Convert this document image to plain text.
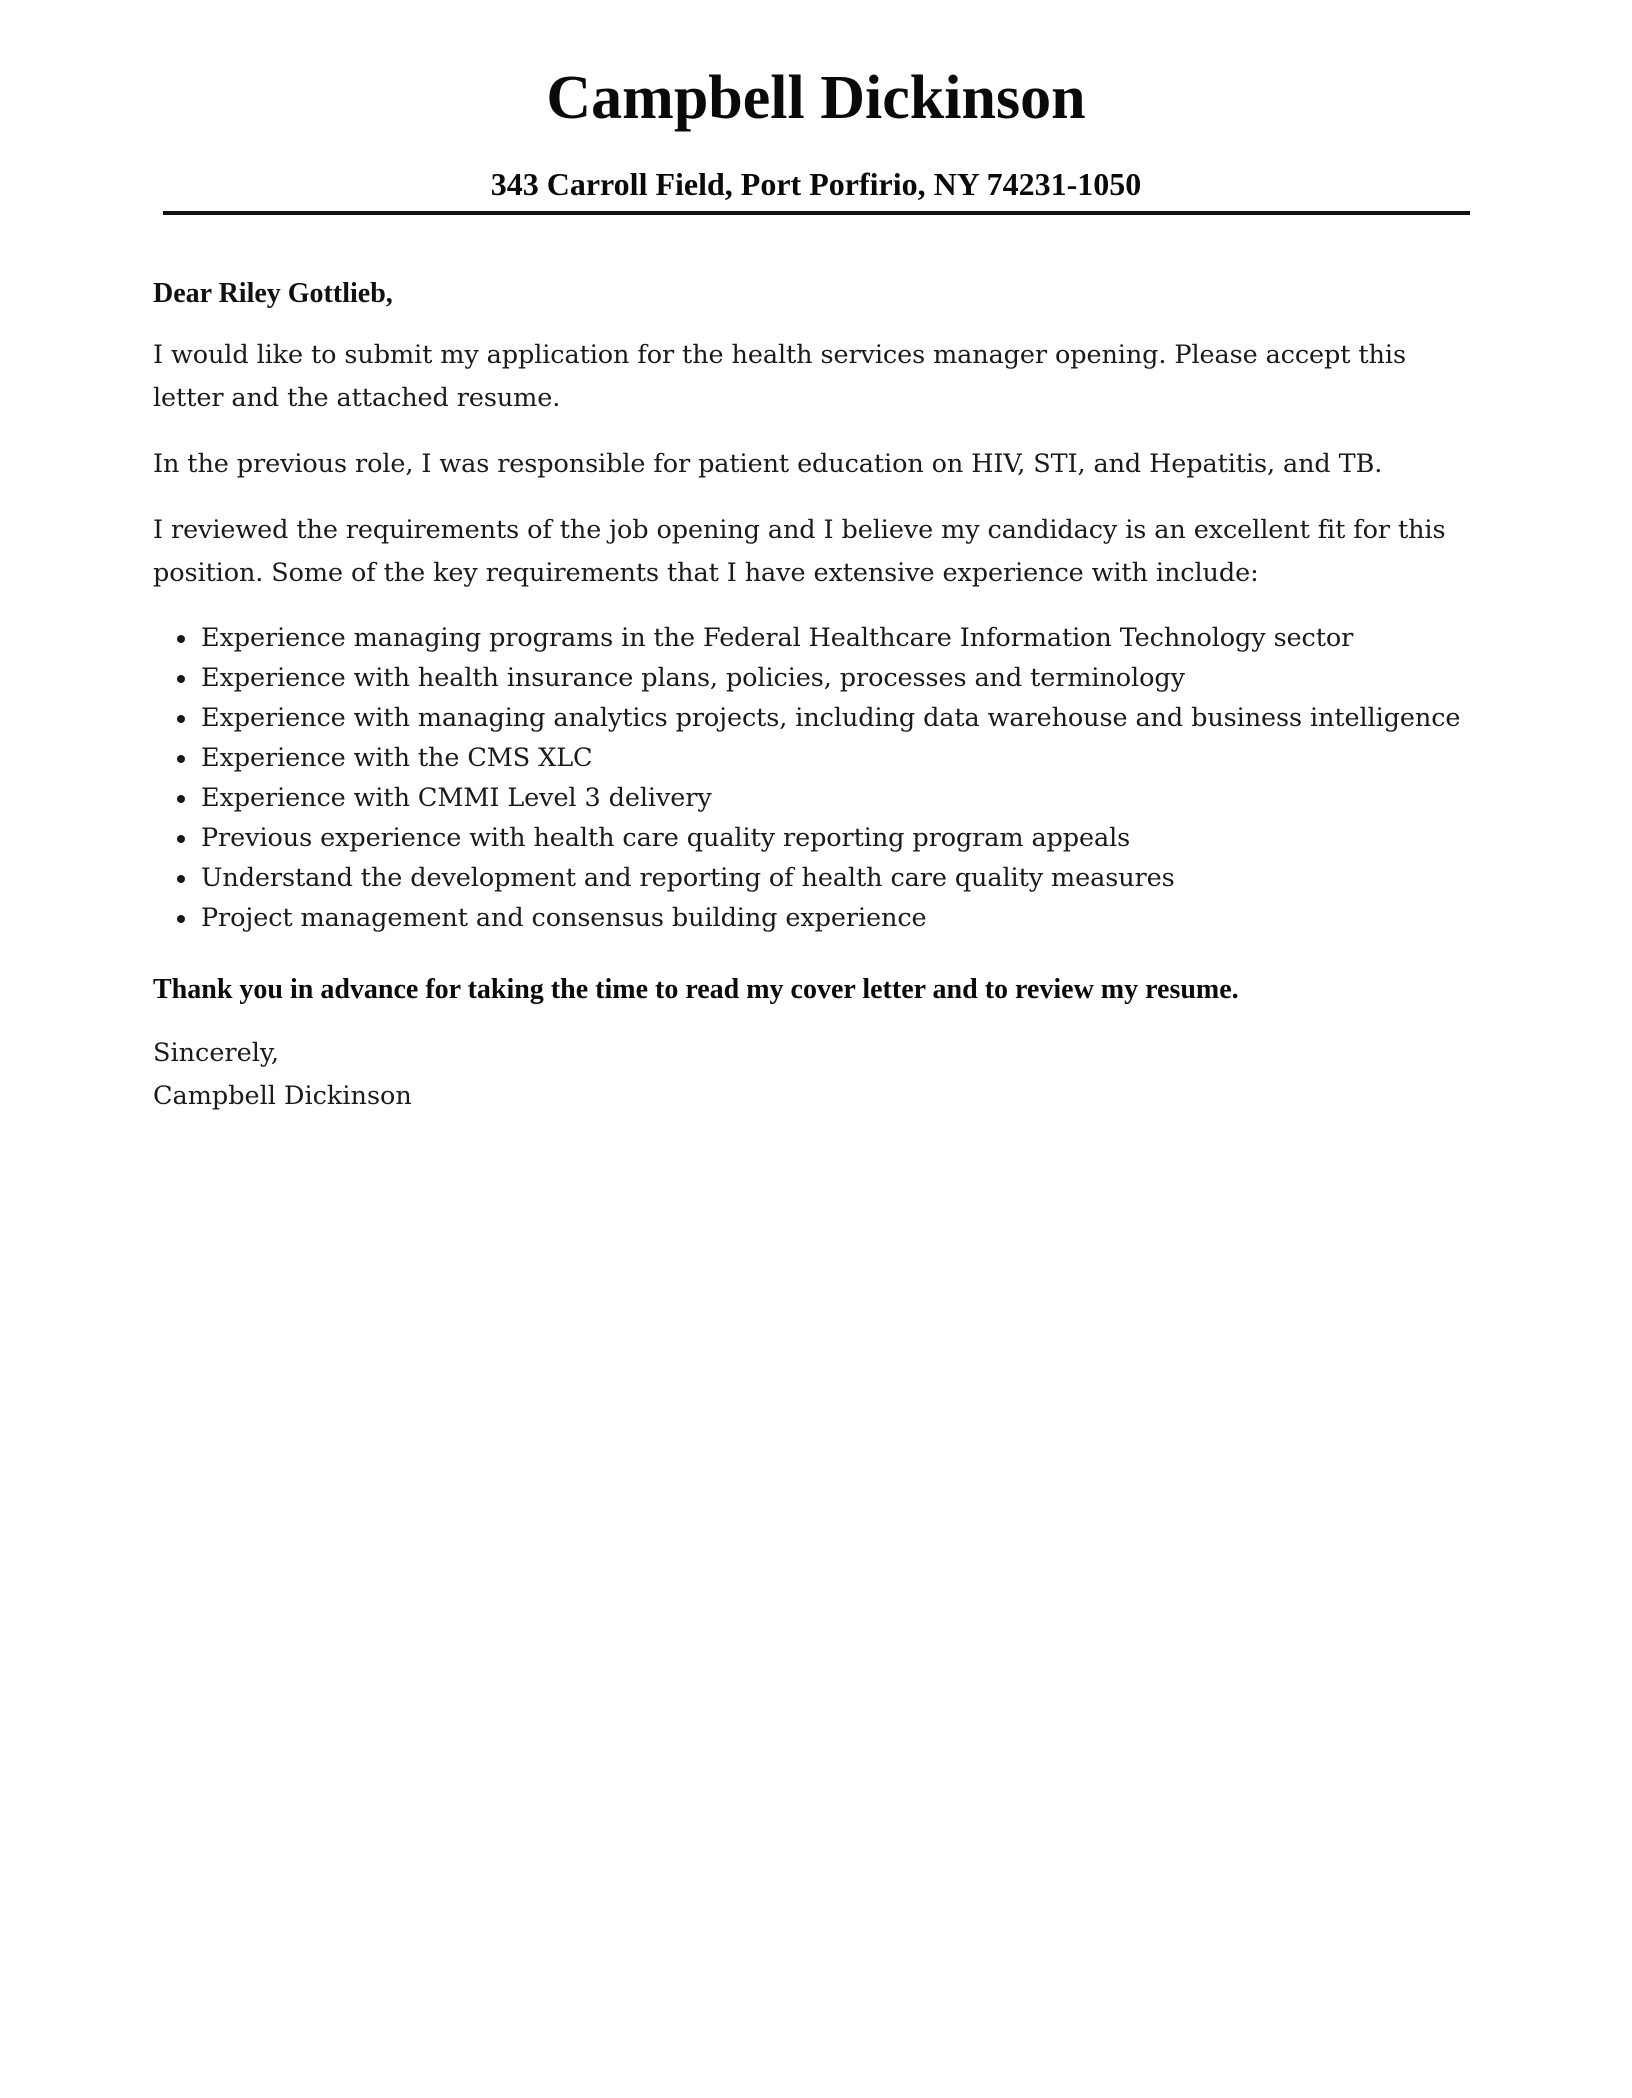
Campbell Dickinson
343 Carroll Field, Port Porfirio, NY 74231-1050

Dear Riley Gottlieb,

I would like to submit my application for the health services manager opening. Please accept this letter and the attached resume.

In the previous role, I was responsible for patient education on HIV, STI, and Hepatitis, and TB.

I reviewed the requirements of the job opening and I believe my candidacy is an excellent fit for this position. Some of the key requirements that I have extensive experience with include:

Experience managing programs in the Federal Healthcare Information Technology sector
Experience with health insurance plans, policies, processes and terminology
Experience with managing analytics projects, including data warehouse and business intelligence
Experience with the CMS XLC
Experience with CMMI Level 3 delivery
Previous experience with health care quality reporting program appeals
Understand the development and reporting of health care quality measures
Project management and consensus building experience

Thank you in advance for taking the time to read my cover letter and to review my resume.

Sincerely,

Campbell Dickinson
